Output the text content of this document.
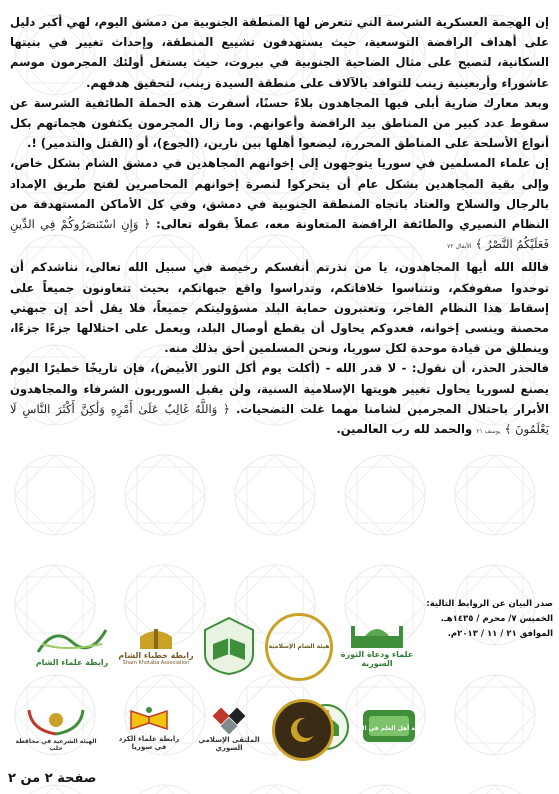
إن الهجمة العسكرية الشرسة التي تتعرض لها المنطقة الجنوبية من دمشق اليوم، لهي أكبر دليل على أهداف الرافضة التوسعية، حيث يستهدفون تشييع المنطقة، وإحداث تغيير في بنيتها السكانية، لتصبح على مثال الضاحية الجنوبية في بيروت، حيث يستغل أولئك المجرمون موسم عاشوراء وأربعينية زينب للتوافد بالآلاف على منطقة السيدة زينب، لتحقيق هدفهم.

وبعد معارك ضارية أبلى فيها المجاهدون بلاءً حسنًا، أسفرت هذه الحملة الطائفية الشرسة عن سقوط عدد كبير من المناطق بيد الرافضة وأعوانهم. وما زال المجرمون يكثفون هجماتهم بكل أنواع الأسلحة على المناطق المحررة، ليضعوا أهلها بين نارين، (الجوع)، أو (القتل والتدمير) !.

إن علماء المسلمين في سوريا يتوجهون إلى إخوانهم المجاهدين في دمشق الشام بشكل خاص، وإلى بقية المجاهدين بشكل عام أن يتحركوا لنصرة إخوانهم المحاصرين لفتح طريق الإمداد بالرجال والسلاح والعتاد باتجاه المنطقة الجنوبية في دمشق، وفي كل الأماكن المستهدفة من النظام النصيري والطائفة الرافضة المتعاونة معه، عملاً بقوله تعالى: ﴿ وَإِنِ اسْتَنصَرُوكُمْ فِي الدِّينِ فَعَلَيْكُمُ النَّصْرُ ﴾ الأنفال ٧٢

فالله الله أيها المجاهدون، يا من نذرتم أنفسكم رخيصة في سبيل الله تعالى، نناشدكم أن توحدوا صفوفكم، وتتناسوا خلافاتكم، وتدراسوا واقع جبهاتكم، بحيث تتعاونون جميعاً على إسقاط هذا النظام الفاجر، وتعتبرون حماية البلد مسؤوليتكم جميعاً، فلا يقل أحد إن جبهتي محصنة وينسى إخوانه، فعدوكم يحاول أن يقطع أوصال البلد، ويعمل على احتلالها جزءًا جزءًا، وينطلق من قيادة موحدة لكل سوريا، ونحن المسلمين أحق بذلك منه.

فالحذر الحذر، أن نقول: - لا قدر الله - (أكلت يوم أكل الثور الأبيض)، فإن تاريخًا خطيرًا اليوم يصنع لسوريا يحاول تغيير هويتها الإسلامية السنية، ولن يقبل السوريون الشرفاء والمجاهدون الأبرار باحتلال المجرمين لشامنا مهما غلت التضحيات. ﴿ وَاللَّهُ غَالِبٌ عَلَىٰ أَمْرِهِ وَلَٰكِنَّ أَكْثَرَ النَّاسِ لَا يَعْلَمُونَ ﴾ يوسف ٢١ والحمد لله رب العالمين.

صدر البيان عن الروابط التالية:
الخميس ٧/ محرم / ١٤٣٥هـ.
الموافق ٢١ / ١١ / ٢٠١٣م.
علماء ودعاة الثورة السورية
هيئة الشام الإسلامية
رابطة خطباء الشام
Sham Khotaba Association
رابطة علماء الشام
رابطة أهل العلم في الشام
الملتقى الإسلامي السوري
رابطة علماء الكرد في سوريا
الهيئة الشرعية في محافظة حلب
صفحة ٢ من ٢
